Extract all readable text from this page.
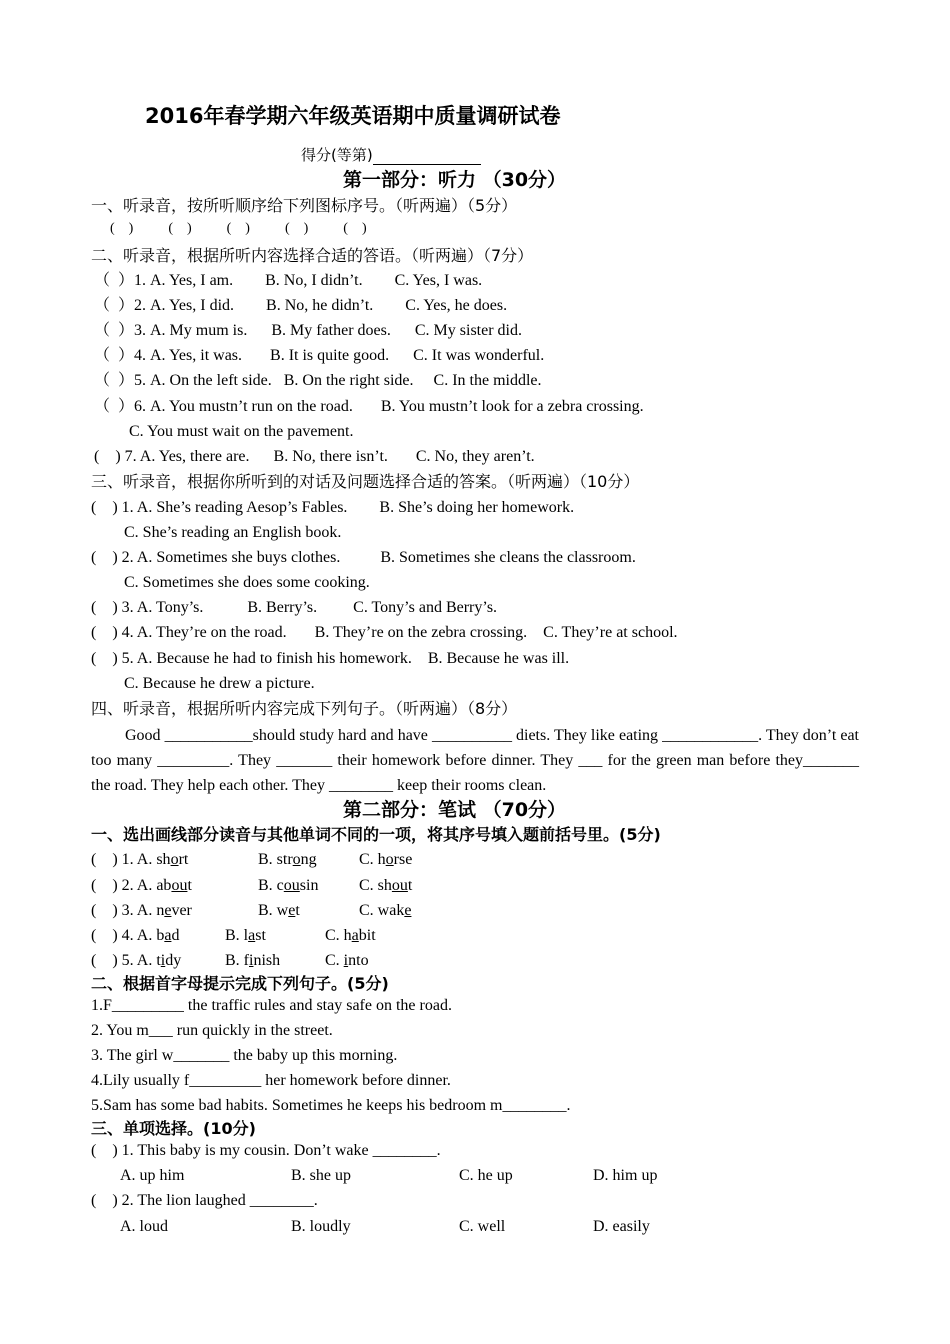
2016年春学期六年级英语期中质量调研试卷
得分(等第)
第一部分：听力 （30分）
一、听录音，按所听顺序给下列图标序号。（听两遍）（5分）
(    )          (    )          (    )          (    )          (    )
二、听录音，根据所听内容选择合适的答语。（听两遍）（7分）
（  ）1. A. Yes, I am.        B. No, I didn’t.        C. Yes, I was.
（  ）2. A. Yes, I did.        B. No, he didn’t.        C. Yes, he does.
（  ）3. A. My mum is.      B. My father does.      C. My sister did.
（  ）4. A. Yes, it was.       B. It is quite good.      C. It was wonderful.
（  ）5. A. On the left side.   B. On the right side.     C. In the middle.
（  ）6. A. You mustn’t run on the road.       B. You mustn’t look for a zebra crossing.
C. You must wait on the pavement.
(    ) 7. A. Yes, there are.      B. No, there isn’t.       C. No, they aren’t.
三、听录音，根据你所听到的对话及问题选择合适的答案。（听两遍）（10分）
(    ) 1. A. She’s reading Aesop’s Fables.        B. She’s doing her homework.
C. She’s reading an English book.
(    ) 2. A. Sometimes she buys clothes.          B. Sometimes she cleans the classroom.
C. Sometimes she does some cooking.
(    ) 3. A. Tony’s.           B. Berry’s.         C. Tony’s and Berry’s.
(    ) 4. A. They’re on the road.       B. They’re on the zebra crossing.    C. They’re at school.
(    ) 5. A. Because he had to finish his homework.    B. Because he was ill.
C. Because he drew a picture.
四、听录音，根据所听内容完成下列句子。（听两遍）（8分）
Good ___________should study hard and have __________ diets. They like eating ____________. They don’t eat too many _________. They _______ their homework before dinner. They ___ for the green man before they_______ the road. They help each other. They ________ keep their rooms clean.
第二部分：笔试 （70分）
一、选出画线部分读音与其他单词不同的一项，将其序号填入题前括号里。(5分)
(    ) 1. A. short	B. strong	C. horse
(    ) 2. A. about	B. cousin	C. shout
(    ) 3. A. never	B. wet	C. wake
(    ) 4. A. bad	B. last	C. habit
(    ) 5. A. tidy	B. finish	C. into
二、根据首字母提示完成下列句子。(5分)
1.F_________ the traffic rules and stay safe on the road.
2. You m___ run quickly in the street.
3. The girl w_______ the baby up this morning.
4.Lily usually f_________ her homework before dinner.
5.Sam has some bad habits. Sometimes he keeps his bedroom m________.
三、单项选择。(10分)
(    ) 1. This baby is my cousin. Don’t wake ________.
A. up him	B. she up	C. he up	D. him up
(    ) 2. The lion laughed ________.
A. loud	B. loudly	C. well	D. easily
